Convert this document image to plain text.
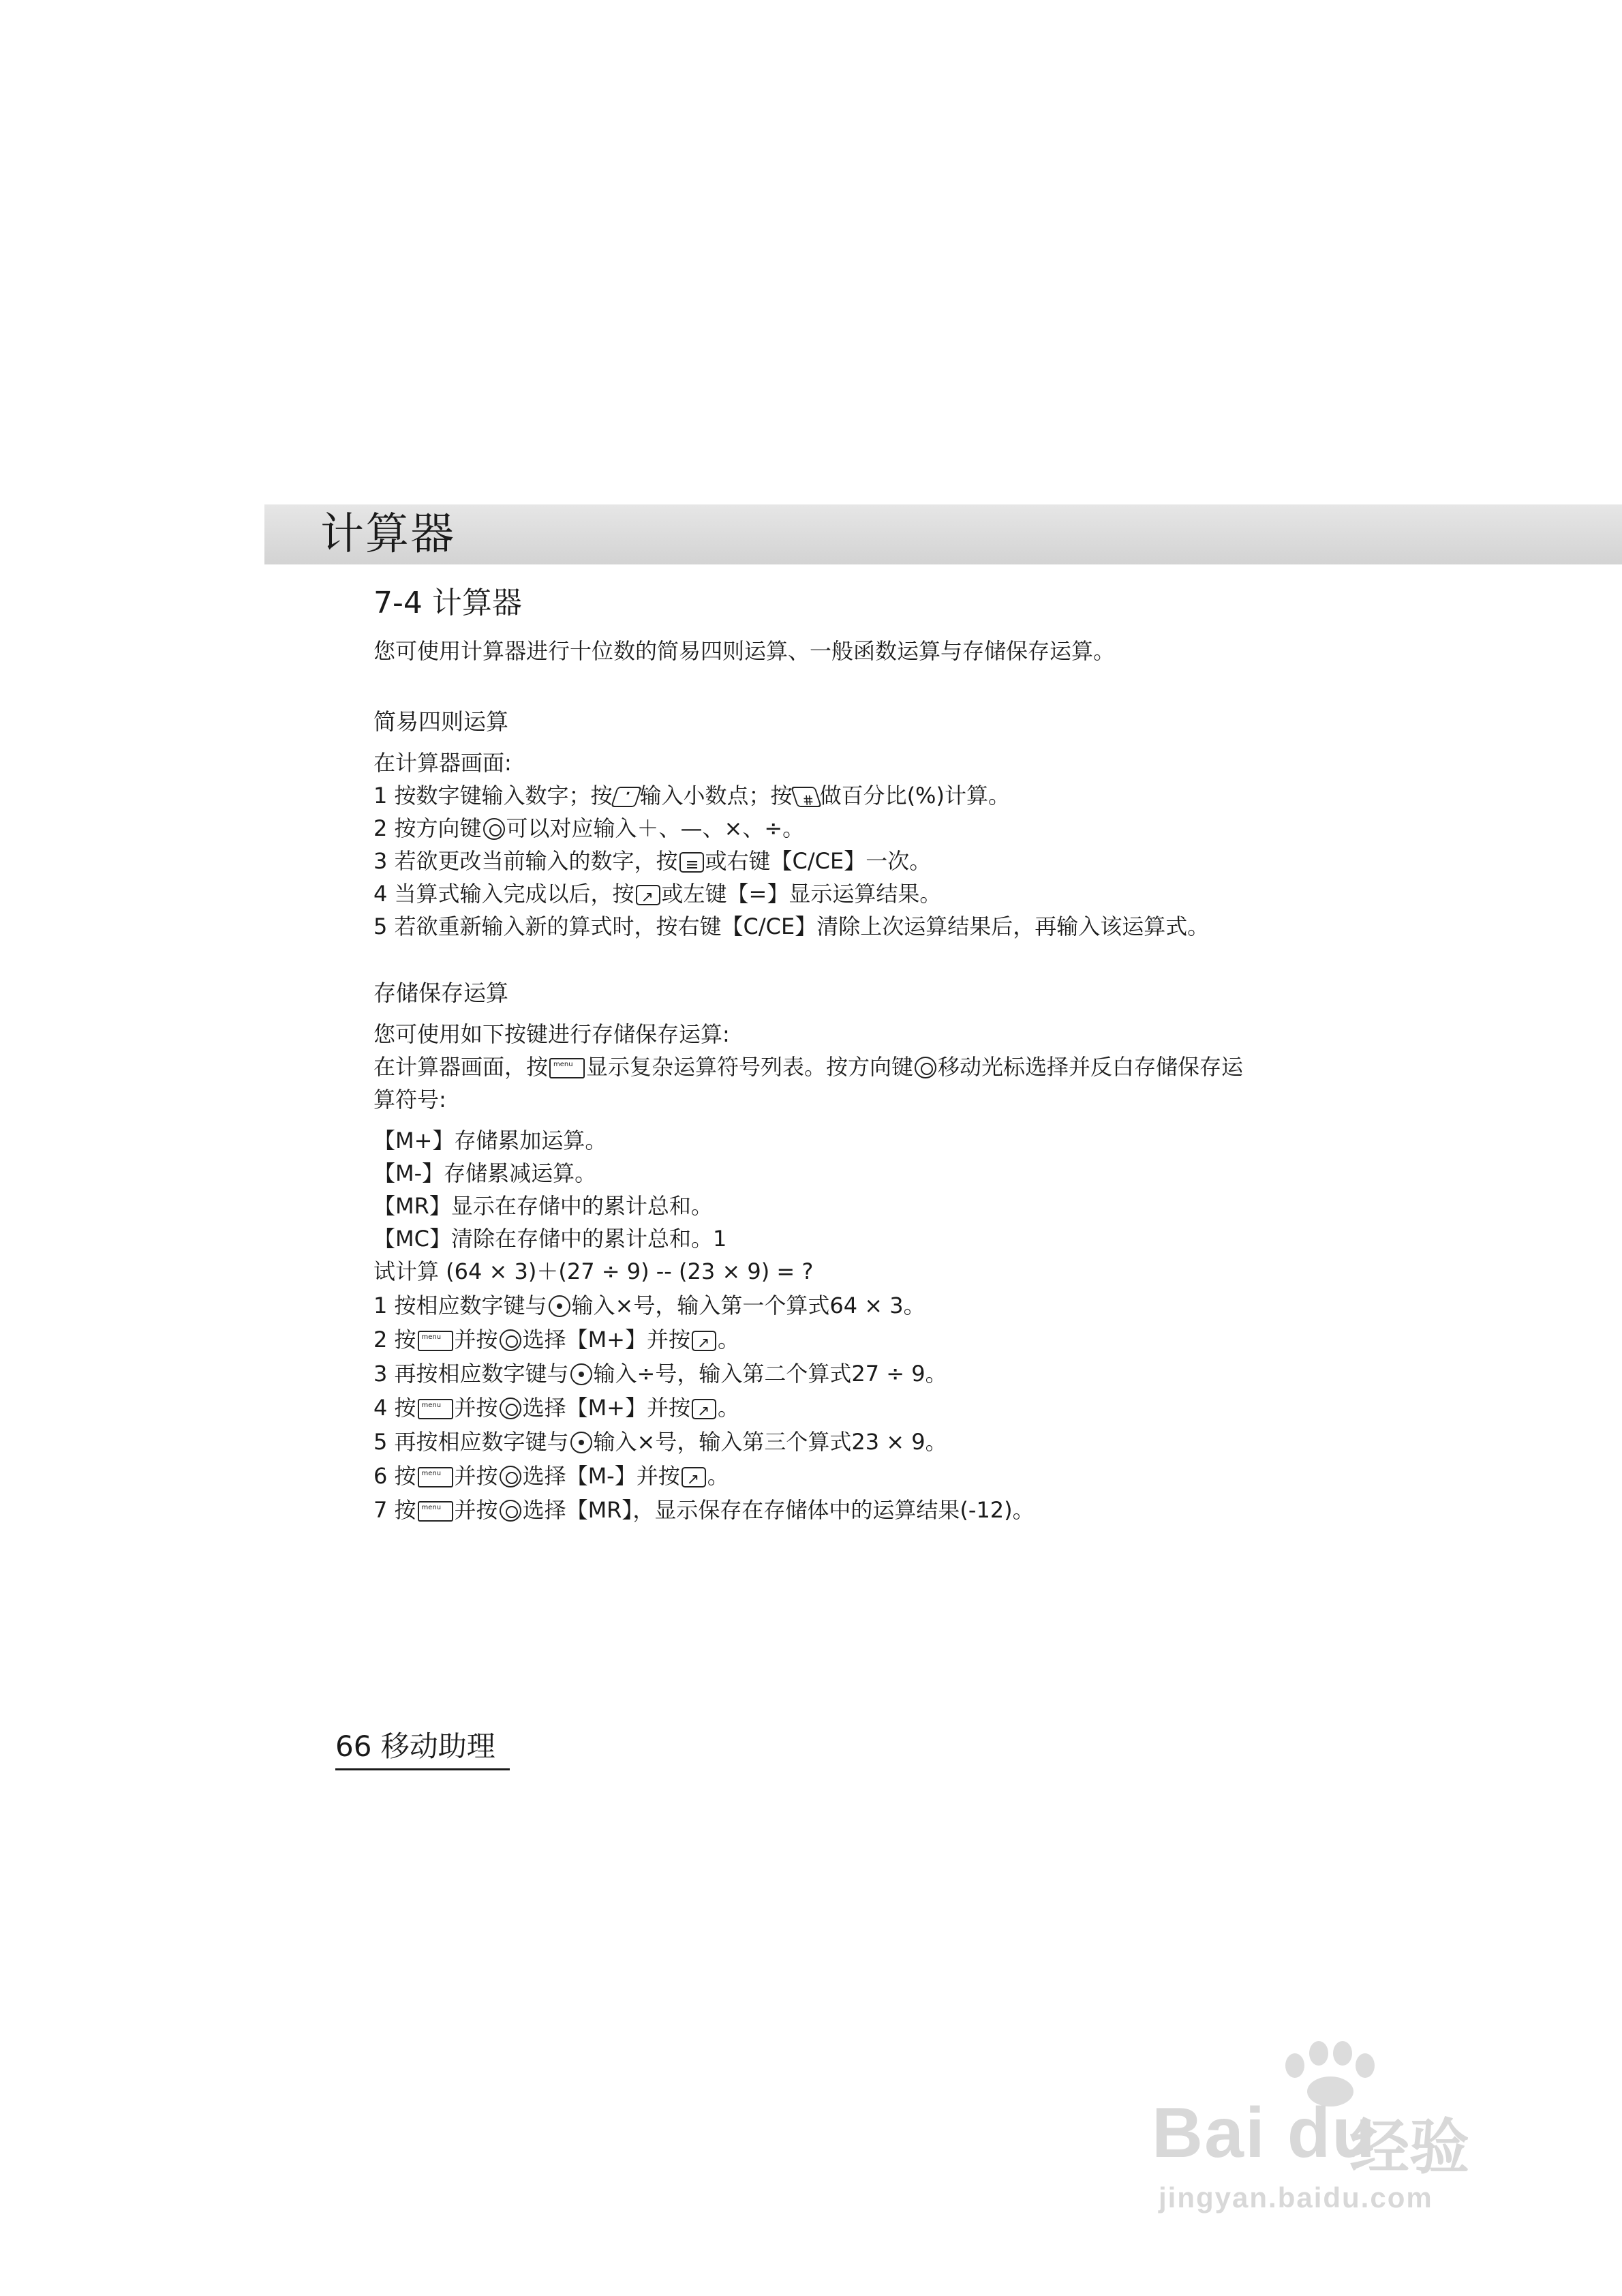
计算器
7-4 计算器
您可使用计算器进行十位数的简易四则运算、一般函数运算与存储保存运算。
简易四则运算
在计算器画面:
1 按数字键输入数字；按 · 输入小数点；按 # 做百分比(%)计算。
2 按方向键 可以对应输入＋、—、×、÷。
3 若欲更改当前输入的数字，按 ≡ 或右键【C/CE】一次。
4 当算式输入完成以后，按 ↗ 或左键【=】显示运算结果。
5 若欲重新输入新的算式时，按右键【C/CE】清除上次运算结果后，再输入该运算式。
存储保存运算
您可使用如下按键进行存储保存运算:
在计算器画面，按 menu 显示复杂运算符号列表。按方向键 移动光标选择并反白存储保存运
算符号:
【M+】存储累加运算。
【M-】存储累减运算。
【MR】显示在存储中的累计总和。
【MC】清除在存储中的累计总和。1
试计算 (64 × 3)＋(27 ÷ 9) -- (23 × 9) = ?
1 按相应数字键与 输入×号，输入第一个算式64 × 3。
2 按 menu 并按 选择【M+】并按 ↗ 。
3 再按相应数字键与 输入÷号，输入第二个算式27 ÷ 9。
4 按 menu 并按 选择【M+】并按 ↗ 。
5 再按相应数字键与 输入×号，输入第三个算式23 × 9。
6 按 menu 并按 选择【M-】并按 ↗ 。
7 按 menu 并按 选择【MR】，显示保存在存储体中的运算结果(-12)。
66 移动助理
Bai du
经验
jingyan.baidu.com
